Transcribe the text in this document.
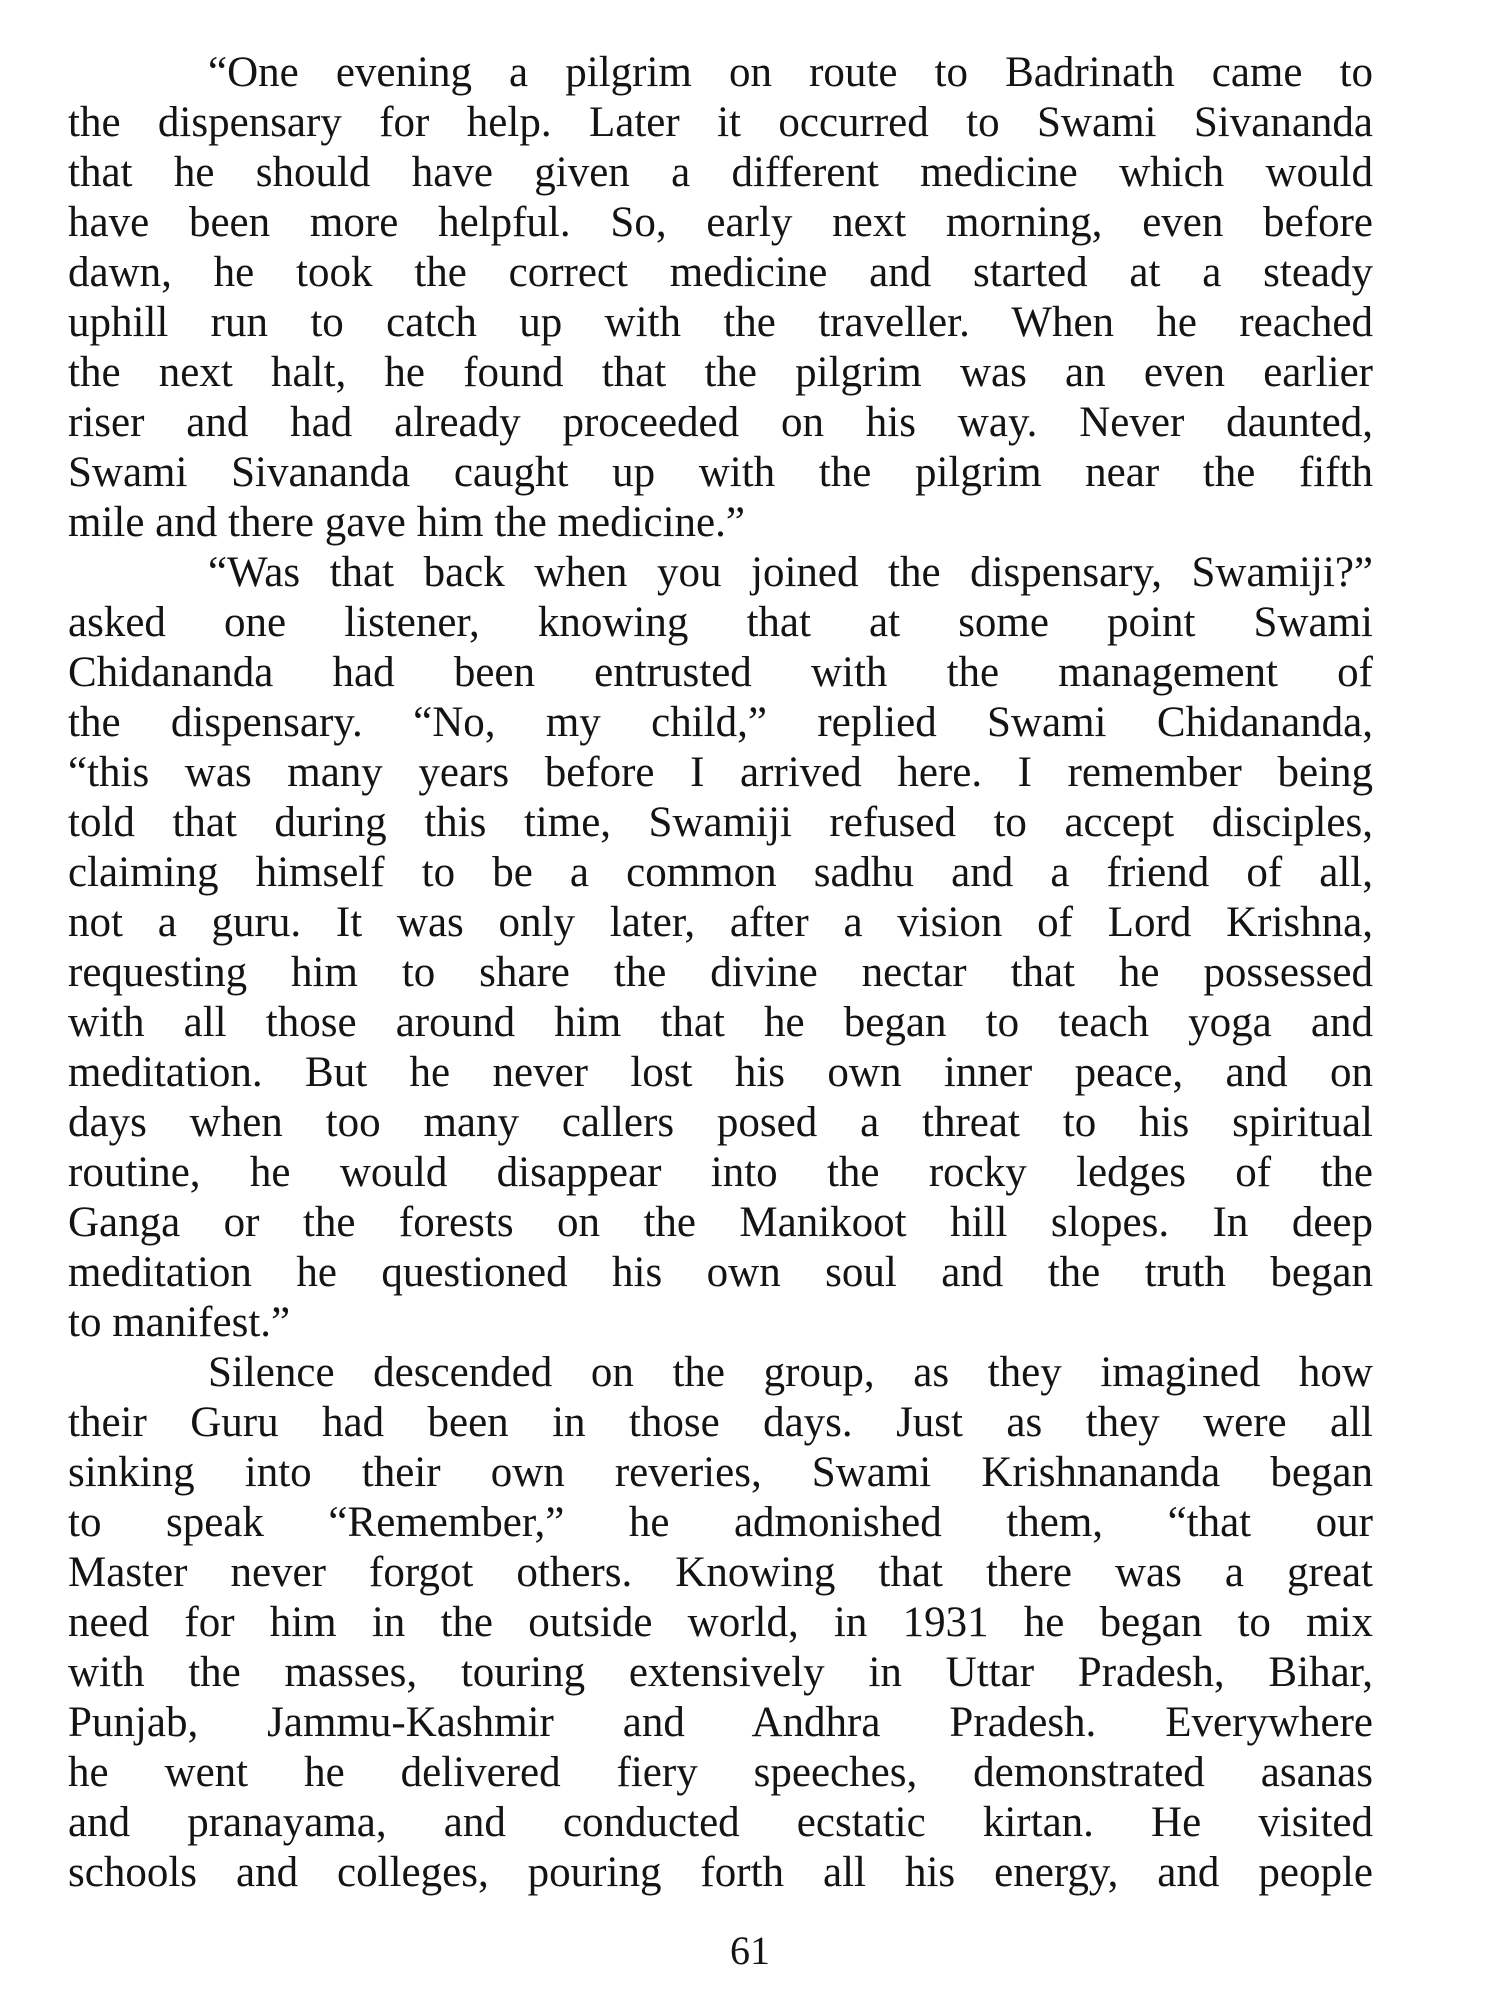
“One evening a pilgrim on route to Badrinath came to
the dispensary for help. Later it occurred to Swami Sivananda
that he should have given a different medicine which would
have been more helpful. So, early next morning, even before
dawn, he took the correct medicine and started at a steady
uphill run to catch up with the traveller. When he reached
the next halt, he found that the pilgrim was an even earlier
riser and had already proceeded on his way. Never daunted,
Swami Sivananda caught up with the pilgrim near the fifth
mile and there gave him the medicine.”
“Was that back when you joined the dispensary, Swamiji?”
asked one listener, knowing that at some point Swami
Chidananda had been entrusted with the management of
the dispensary. “No, my child,” replied Swami Chidananda,
“this was many years before I arrived here. I remember being
told that during this time, Swamiji refused to accept disciples,
claiming himself to be a common sadhu and a friend of all,
not a guru. It was only later, after a vision of Lord Krishna,
requesting him to share the divine nectar that he possessed
with all those around him that he began to teach yoga and
meditation. But he never lost his own inner peace, and on
days when too many callers posed a threat to his spiritual
routine, he would disappear into the rocky ledges of the
Ganga or the forests on the Manikoot hill slopes. In deep
meditation he questioned his own soul and the truth began
to manifest.”
Silence descended on the group, as they imagined how
their Guru had been in those days. Just as they were all
sinking into their own reveries, Swami Krishnananda began
to speak “Remember,” he admonished them, “that our
Master never forgot others. Knowing that there was a great
need for him in the outside world, in 1931 he began to mix
with the masses, touring extensively in Uttar Pradesh, Bihar,
Punjab, Jammu-Kashmir and Andhra Pradesh. Everywhere
he went he delivered fiery speeches, demonstrated asanas
and pranayama, and conducted ecstatic kirtan. He visited
schools and colleges, pouring forth all his energy, and people
61
